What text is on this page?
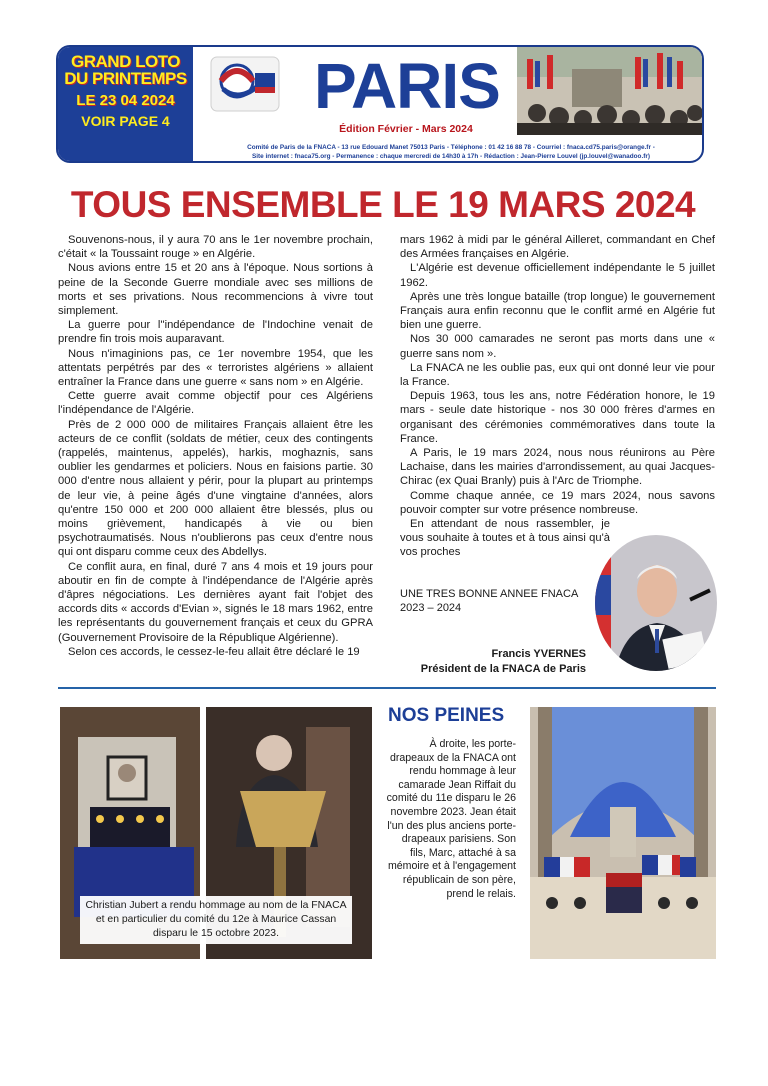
GRAND LOTO DU PRINTEMPS
LE 23 04 2024
VOIR PAGE 4	PARIS
Édition Février - Mars 2024
Comité de Paris de la FNACA - 13 rue Edouard Manet 75013 Paris - Téléphone : 01 42 16 88 78 - Courriel : fnaca.cd75.paris@orange.fr -
Site internet : fnaca75.org - Permanence : chaque mercredi de 14h30 à 17h - Rédaction : Jean-Pierre Louvel (jp.louvel@wanadoo.fr)
TOUS ENSEMBLE LE 19 MARS 2024

Souvenons-nous, il y aura 70 ans le 1er novembre prochain, c'était « la Toussaint rouge » en Algérie.

Nous avions entre 15 et 20 ans à l'époque. Nous sortions à peine de la Seconde Guerre mondiale avec ses millions de morts et ses privations. Nous recommencions à vivre tout simplement.

La guerre pour l''indépendance de l'Indochine venait de prendre fin trois mois auparavant.

Nous n'imaginions pas, ce 1er novembre 1954, que les attentats perpétrés par des « terroristes algériens » allaient entraîner la France dans une guerre « sans nom » en Algérie.

Cette guerre avait comme objectif pour ces Algériens l'indépendance de l'Algérie.

Près de 2 000 000 de militaires Français allaient être les acteurs de ce conflit (soldats de métier, ceux des contingents (rappelés, maintenus, appelés), harkis, moghaznis, sans oublier les gendarmes et policiers. Nous en faisions partie. 30 000 d'entre nous allaient y périr, pour la plupart au printemps de leur vie, à peine âgés d'une vingtaine d'années, alors qu'entre 150 000 et 200 000 allaient être blessés, plus ou moins grièvement, handicapés à vie ou bien psychotraumatisés. Nous n'oublierons pas ceux d'entre nous qui ont disparu comme ceux des Abdellys.

Ce conflit aura, en final, duré 7 ans 4 mois et 19 jours pour aboutir en fin de compte à l'indépendance de l'Algérie après d'âpres négociations. Les dernières ayant fait l'objet des accords dits « accords d'Evian », signés le 18 mars 1962, entre les représentants du gouvernement français et ceux du GPRA (Gouvernement Provisoire de la République Algérienne).

Selon ces accords, le cessez-le-feu allait être déclaré le 19

mars 1962 à midi par le général Ailleret, commandant en Chef des Armées françaises en Algérie.

L'Algérie est devenue officiellement indépendante le 5 juillet 1962.

Après une très longue bataille (trop longue) le gouvernement Français aura enfin reconnu que le conflit armé en Algérie fut bien une guerre.

Nos 30 000 camarades ne seront pas morts dans une « guerre sans nom ».

La FNACA ne les oublie pas, eux qui ont donné leur vie pour la France.

Depuis 1963, tous les ans, notre Fédération honore, le 19 mars - seule date historique - nos 30 000 frères d'armes en organisant des cérémonies commémoratives dans toute la France.

A Paris, le 19 mars 2024, nous nous réunirons au Père Lachaise, dans les mairies d'arrondissement, au quai Jacques-Chirac (ex Quai Branly) puis à l'Arc de Triomphe.

Comme chaque année, ce 19 mars 2024, nous savons pouvoir compter sur votre présence nombreuse.

En attendant de nous rassembler, je vous souhaite à toutes et à tous ainsi qu'à vos proches

UNE TRES BONNE ANNEE FNACA 2023 – 2024
Francis YVERNES
Président de la FNACA de Paris
Christian Jubert a rendu hommage au nom de la FNACA et en particulier du comité du 12e à Maurice Cassan disparu le 15 octobre 2023.
NOS PEINES
À droite, les porte-drapeaux de la FNACA ont rendu hommage à leur camarade Jean Riffait du comité du 11e disparu le 26 novembre 2023. Jean était l'un des plus anciens porte-drapeaux parisiens. Son fils, Marc, attaché à sa mémoire et à l'engagement républicain de son père, prend le relais.
